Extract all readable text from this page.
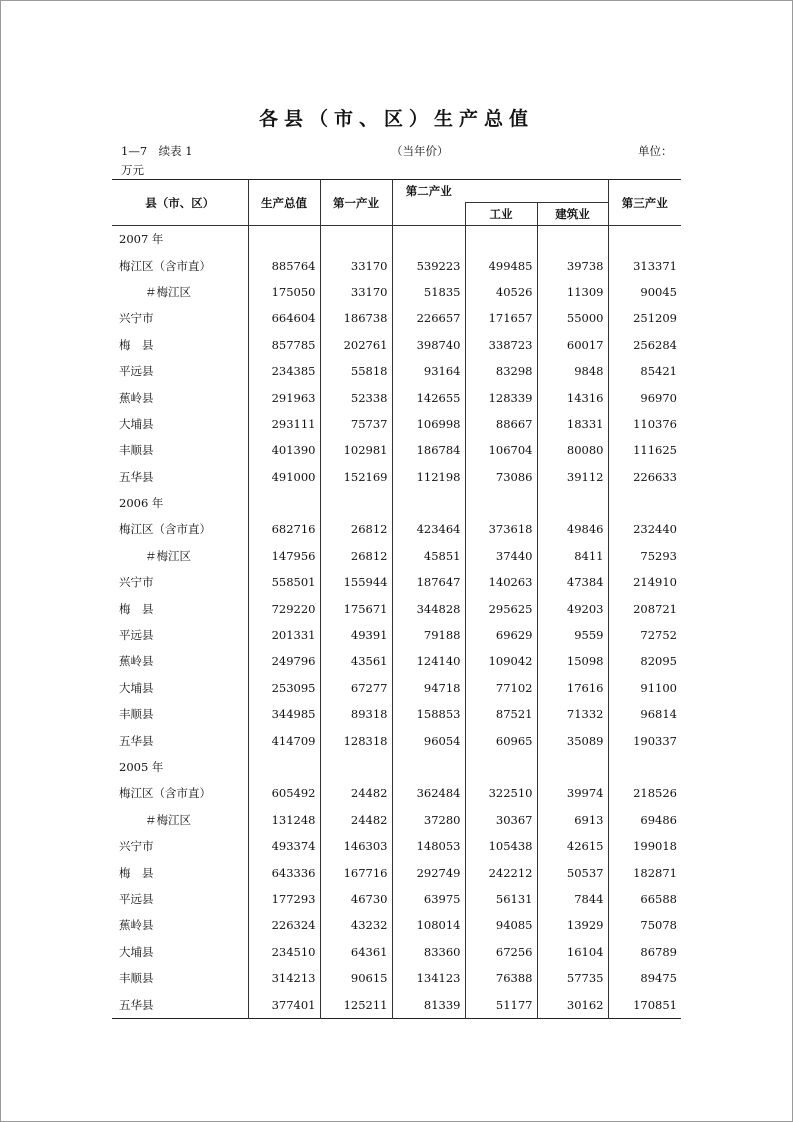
各县（市、区）生产总值
1—7　续表 1	（当年价）	单位：
万元
县（市、区）	生产总值	第一产业	第二产业			第三产业
				工业	建筑业	
2007 年						
梅江区（含市直）	885764	33170	539223	499485	39738	313371
＃梅江区	175050	33170	51835	40526	11309	90045
兴宁市	664604	186738	226657	171657	55000	251209
梅　县	857785	202761	398740	338723	60017	256284
平远县	234385	55818	93164	83298	9848	85421
蕉岭县	291963	52338	142655	128339	14316	96970
大埔县	293111	75737	106998	88667	18331	110376
丰顺县	401390	102981	186784	106704	80080	111625
五华县	491000	152169	112198	73086	39112	226633
2006 年						
梅江区（含市直）	682716	26812	423464	373618	49846	232440
＃梅江区	147956	26812	45851	37440	8411	75293
兴宁市	558501	155944	187647	140263	47384	214910
梅　县	729220	175671	344828	295625	49203	208721
平远县	201331	49391	79188	69629	9559	72752
蕉岭县	249796	43561	124140	109042	15098	82095
大埔县	253095	67277	94718	77102	17616	91100
丰顺县	344985	89318	158853	87521	71332	96814
五华县	414709	128318	96054	60965	35089	190337
2005 年						
梅江区（含市直）	605492	24482	362484	322510	39974	218526
＃梅江区	131248	24482	37280	30367	6913	69486
兴宁市	493374	146303	148053	105438	42615	199018
梅　县	643336	167716	292749	242212	50537	182871
平远县	177293	46730	63975	56131	7844	66588
蕉岭县	226324	43232	108014	94085	13929	75078
大埔县	234510	64361	83360	67256	16104	86789
丰顺县	314213	90615	134123	76388	57735	89475
五华县	377401	125211	81339	51177	30162	170851
